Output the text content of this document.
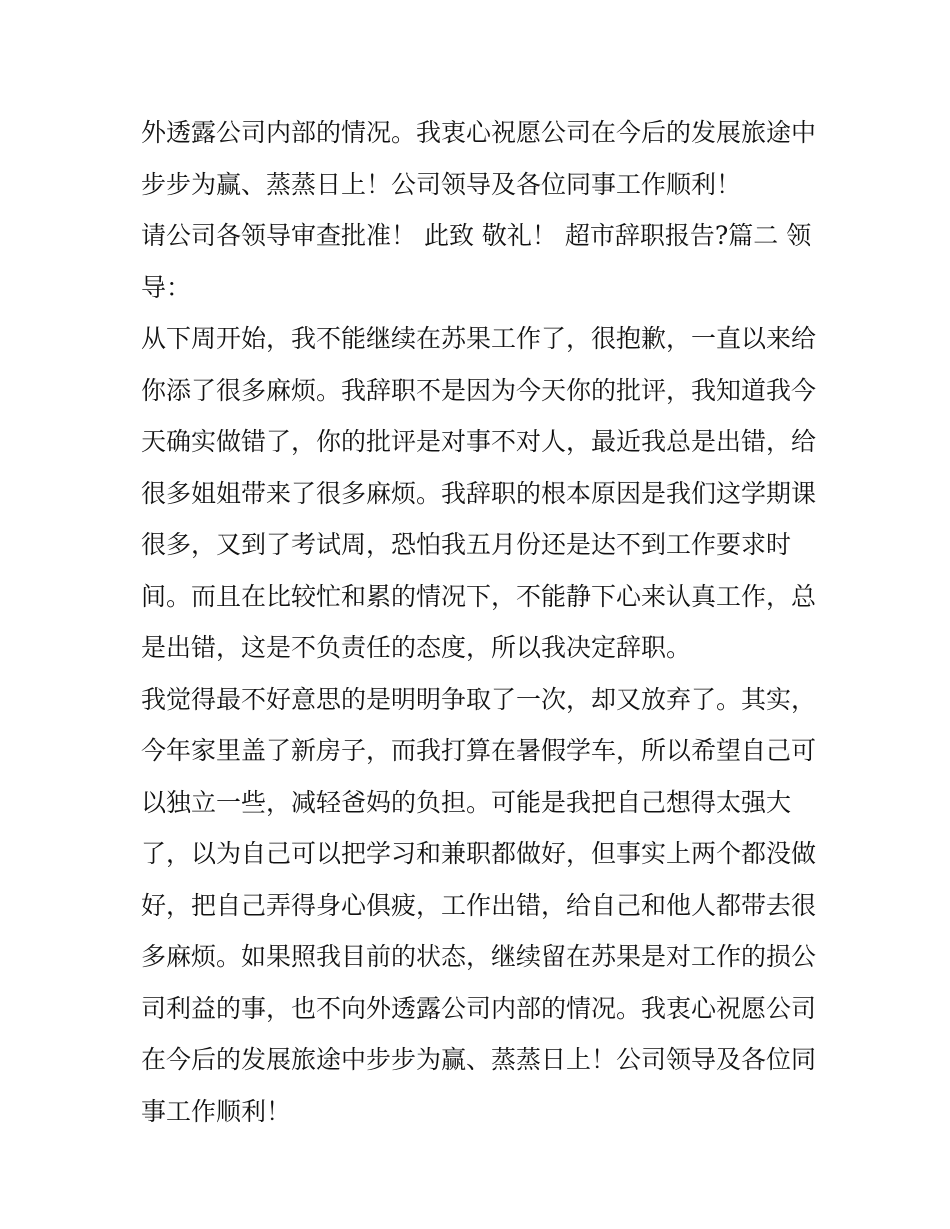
外透露公司内部的情况。我衷心祝愿公司在今后的发展旅途中
步步为赢、蒸蒸日上！公司领导及各位同事工作顺利！
请公司各领导审查批准！ 此致 敬礼！ 超市辞职报告?篇二 领
导：
从下周开始，我不能继续在苏果工作了，很抱歉，一直以来给
你添了很多麻烦。我辞职不是因为今天你的批评，我知道我今
天确实做错了，你的批评是对事不对人，最近我总是出错，给
很多姐姐带来了很多麻烦。我辞职的根本原因是我们这学期课
很多，又到了考试周，恐怕我五月份还是达不到工作要求时
间。而且在比较忙和累的情况下，不能静下心来认真工作，总
是出错，这是不负责任的态度，所以我决定辞职。
我觉得最不好意思的是明明争取了一次，却又放弃了。其实，
今年家里盖了新房子，而我打算在暑假学车，所以希望自己可
以独立一些，减轻爸妈的负担。可能是我把自己想得太强大
了，以为自己可以把学习和兼职都做好，但事实上两个都没做
好，把自己弄得身心俱疲，工作出错，给自己和他人都带去很
多麻烦。如果照我目前的状态，继续留在苏果是对工作的损公
司利益的事，也不向外透露公司内部的情况。我衷心祝愿公司
在今后的发展旅途中步步为赢、蒸蒸日上！公司领导及各位同
事工作顺利！
